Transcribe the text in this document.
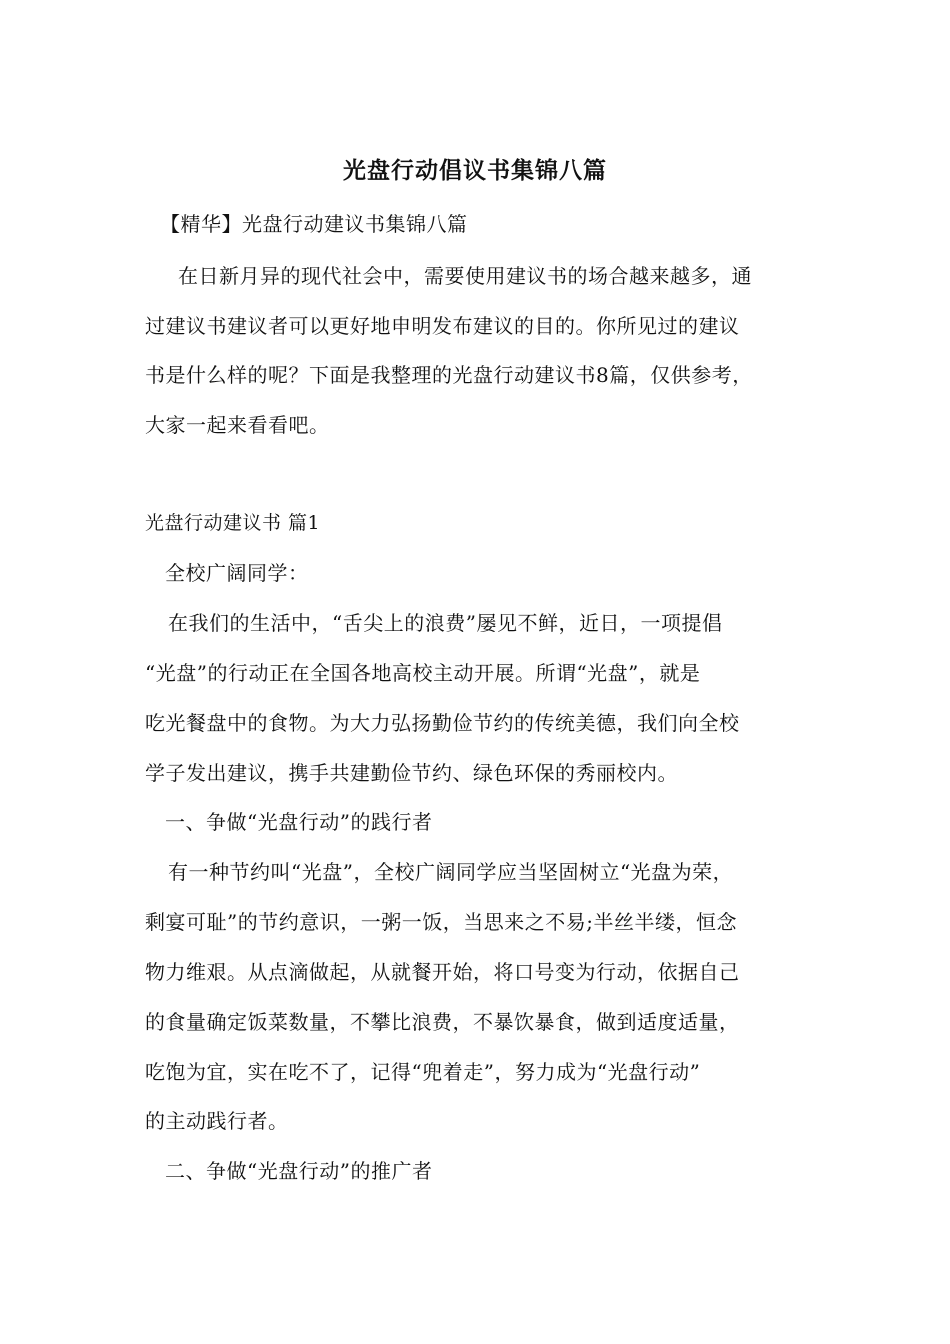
光盘行动倡议书集锦八篇
【精华】光盘行动建议书集锦八篇
在日新月异的现代社会中，需要使用建议书的场合越来越多，通
过建议书建议者可以更好地申明发布建议的目的。你所见过的建议
书是什么样的呢？下面是我整理的光盘行动建议书8篇，仅供参考，
大家一起来看看吧。
光盘行动建议书 篇1
全校广阔同学：
在我们的生活中，“舌尖上的浪费”屡见不鲜，近日，一项提倡
“光盘”的行动正在全国各地高校主动开展。所谓“光盘”，就是
吃光餐盘中的食物。为大力弘扬勤俭节约的传统美德，我们向全校
学子发出建议，携手共建勤俭节约、绿色环保的秀丽校内。
一、争做“光盘行动”的践行者
有一种节约叫“光盘”，全校广阔同学应当坚固树立“光盘为荣，
剩宴可耻”的节约意识，一粥一饭，当思来之不易;半丝半缕，恒念
物力维艰。从点滴做起，从就餐开始，将口号变为行动，依据自己
的食量确定饭菜数量，不攀比浪费，不暴饮暴食，做到适度适量，
吃饱为宜，实在吃不了，记得“兜着走”，努力成为“光盘行动”
的主动践行者。
二、争做“光盘行动”的推广者
